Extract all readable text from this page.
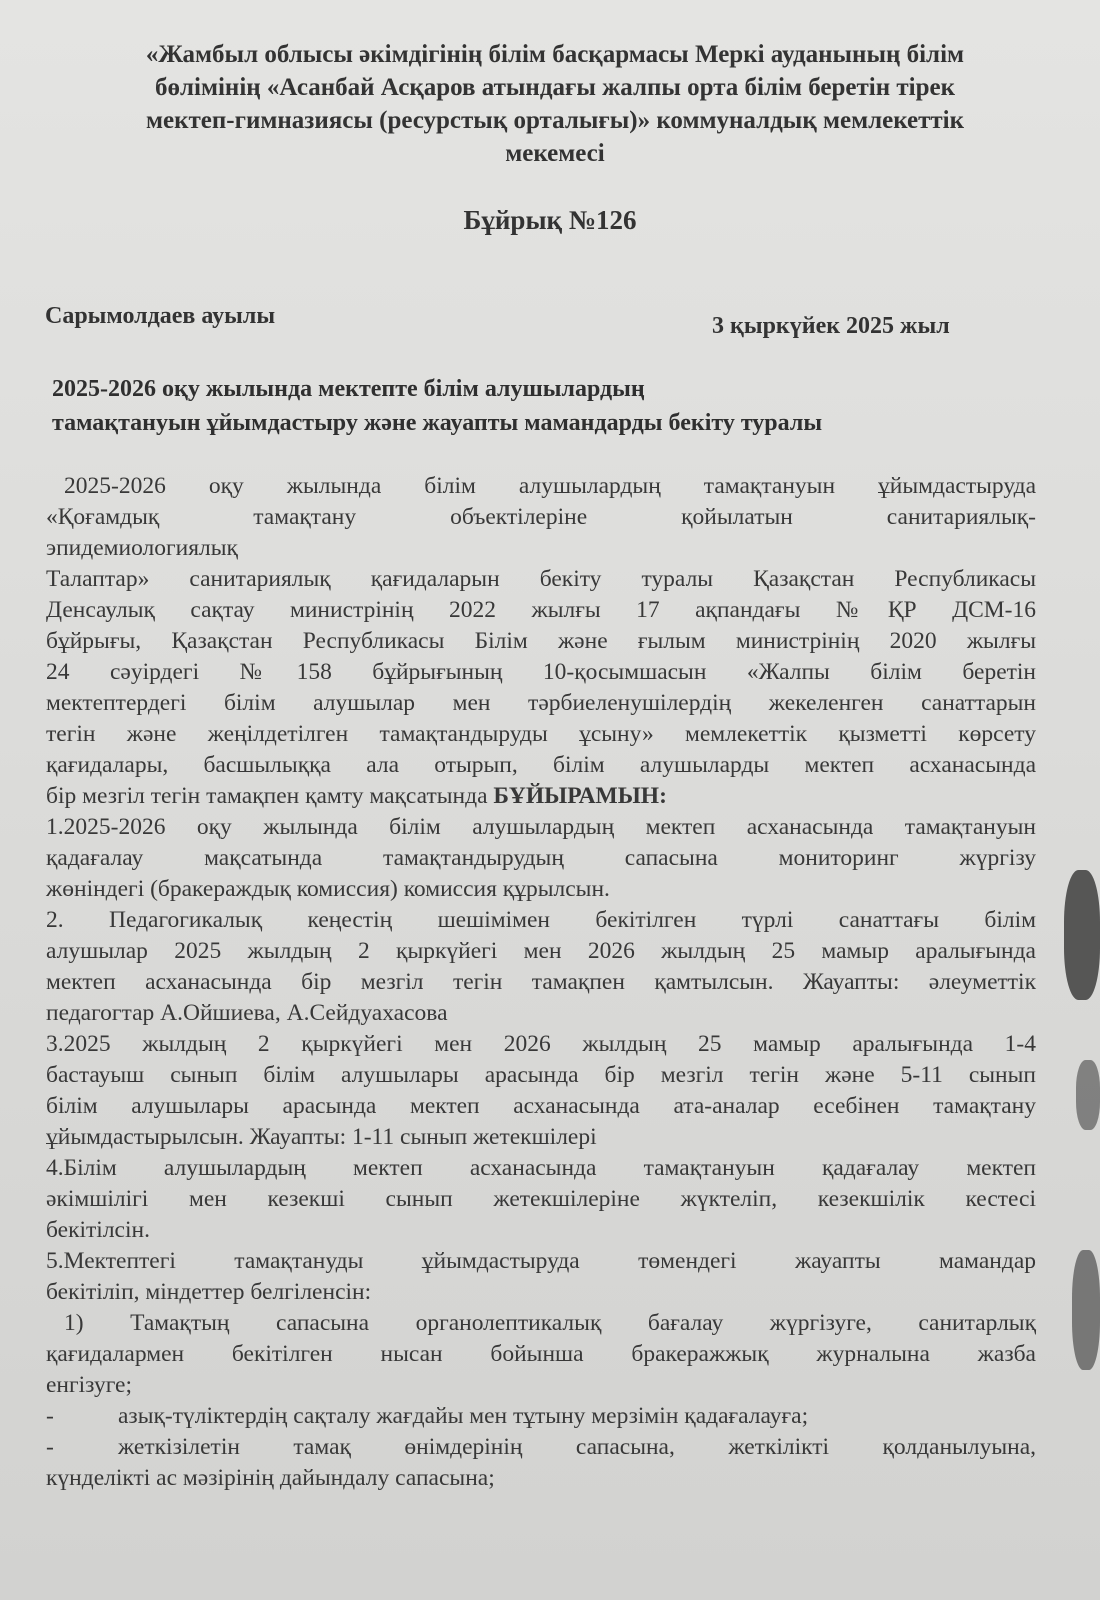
«Жамбыл облысы әкімдігінің білім басқармасы Меркі ауданының білім
бөлімінің «Асанбай Асқаров атындағы жалпы орта білім беретін тірек
мектеп-гимназиясы (ресурстық орталығы)» коммуналдық мемлекеттік
мекемесі
Бұйрық №126
Сарымолдаев ауылы	3 қыркүйек 2025 жыл
2025-2026 оқу жылында мектепте білім алушылардың
тамақтануын ұйымдастыру және жауапты мамандарды бекіту туралы

2025-2026 оқу жылында білім алушылардың тамақтануын ұйымдастыруда

«Қоғамдық тамақтану объектілеріне қойылатын санитариялық-

эпидемиологиялық

Талаптар» санитариялық қағидаларын бекіту туралы Қазақстан Республикасы

Денсаулық сақтау министрінің 2022 жылғы 17 ақпандағы №ҚР ДСМ-16

бұйрығы, Қазақстан Республикасы Білім және ғылым министрінің 2020 жылғы

24 сәуірдегі №158 бұйрығының 10-қосымшасын «Жалпы білім беретін

мектептердегі білім алушылар мен тәрбиеленушілердің жекеленген санаттарын

тегін және жеңілдетілген тамақтандыруды ұсыну» мемлекеттік қызметті көрсету

қағидалары, басшылыққа ала отырып, білім алушыларды мектеп асханасында

бір мезгіл тегін тамақпен қамту мақсатында БҰЙЫРАМЫН:

1.2025-2026 оқу жылында білім алушылардың мектеп асханасында тамақтануын

қадағалау мақсатында тамақтандырудың сапасына мониторинг жүргізу

жөніндегі (бракераждық комиссия) комиссия құрылсын.

2. Педагогикалық кеңестің шешімімен бекітілген түрлі санаттағы білім

алушылар 2025 жылдың 2 қыркүйегі мен 2026 жылдың 25 мамыр аралығында

мектеп асханасында бір мезгіл тегін тамақпен қамтылсын. Жауапты: әлеуметтік

педагогтар А.Ойшиева, А.Сейдуахасова

3.2025 жылдың 2 қыркүйегі мен 2026 жылдың 25 мамыр аралығында 1-4

бастауыш сынып білім алушылары арасында бір мезгіл тегін және 5-11 сынып

білім алушылары арасында мектеп асханасында ата-аналар есебінен тамақтану

ұйымдастырылсын. Жауапты: 1-11 сынып жетекшілері

4.Білім алушылардың мектеп асханасында тамақтануын қадағалау мектеп

әкімшілігі мен кезекші сынып жетекшілеріне жүктеліп, кезекшілік кестесі

бекітілсін.

5.Мектептегі тамақтануды ұйымдастыруда төмендегі жауапты мамандар

бекітіліп, міндеттер белгіленсін:

1) Тамақтың сапасына органолептикалық бағалау жүргізуге, санитарлық

қағидалармен бекітілген нысан бойынша бракеражжық журналына жазба

енгізуге;

-	азық-түліктердің сақталу жағдайы мен тұтыну мерзімін қадағалауға;
-	жеткізілетін тамақ өнімдерінің сапасына, жеткілікті қолданылуына,

күнделікті ас мәзірінің дайындалу сапасына;
